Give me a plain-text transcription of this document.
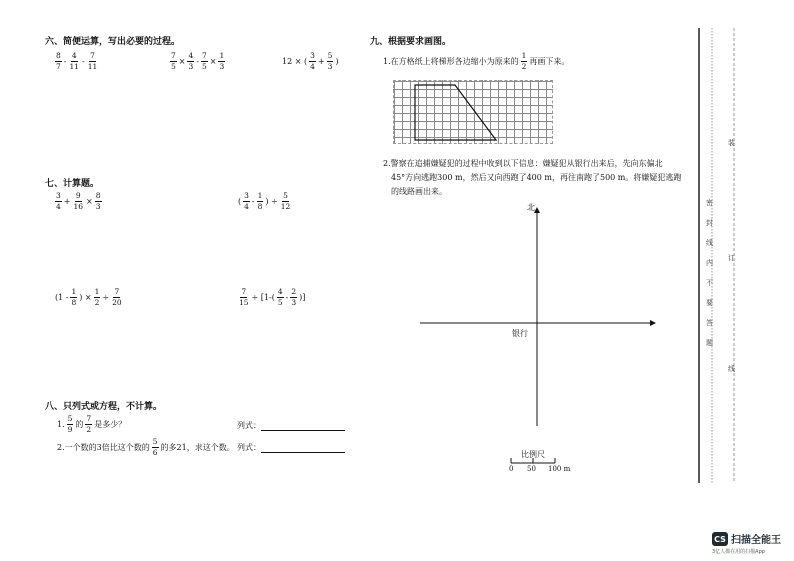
六、简便运算，写出必要的过程。
$\frac{8}{7} - \frac{4}{11} - \frac{7}{11}$	$\frac{7}{5} \times \frac{4}{3} - \frac{7}{5} \times \frac{1}{3}$	12 × ( $\frac{3}{4} + \frac{5}{3}$ )
七、计算题。
$\frac{3}{4} + \frac{9}{16} \times \frac{8}{3}$	( $\frac{3}{4} - \frac{1}{8}$ ) ÷ $\frac{5}{12}$
($1 - \frac{1}{8}$ ) × $\frac{1}{2} \div \frac{7}{20}$	$\frac{7}{15} \div [1-( \frac{4}{5} - \frac{2}{3}$ )]
八、只列式或方程，不计算。
1. $\frac{5}{9}$ 的 $\frac{7}{2}$ 是多少？	列式：
2.一个数的3倍比这个数的 $\frac{5}{6}$ 的多21，求这个数。 列式：
九、根据要求画图。
1.在方格纸上将梯形各边缩小为原来的 $\frac{1}{2}$ 再画下来。
2.警察在追捕嫌疑犯的过程中收到以下信息：嫌疑犯从银行出来后，先向东偏北
45°方向逃跑300 m，然后又向西跑了400 m，再往南跑了500 m。将嫌疑犯逃跑
的线路画出来。
北
银行
比例尺
0 50 100 m
密
封
线
内
不
要
答
题
装
订
线
CS 扫描全能王
3亿人都在用的扫描App
